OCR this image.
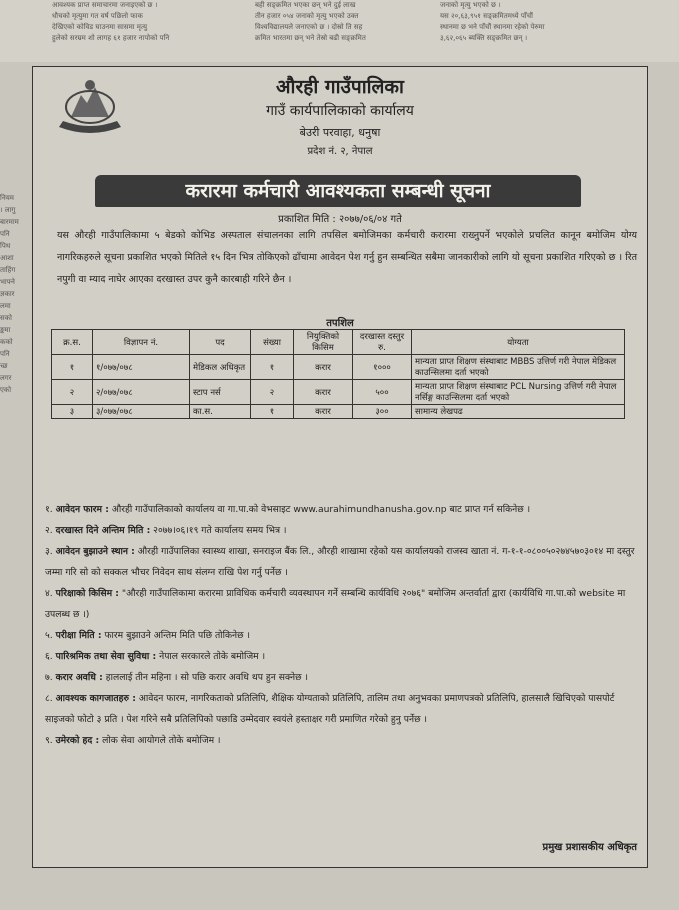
आवश्यक प्राप्त समाचारमा जनाइएको छ ।
धौचको मृत्युमा गत वर्ष पछिलो फाक
देखिएको कोविड घाउनमा सासमा मृत्यु
हुलेको सरम्रम शो लागह ६१ हजार नापोको पनि
बही सङ्क्रमित भएका छन् भने दुई लाख
तीन हजार ०५४ जनाको मृत्यु भएको उक्त
विश्वविद्यालयले जनाएको छ । दोस्रो ति सह
क्रमित भारतमा छन् भने तेस्रो बढी सङ्क्रमित
जनाको मृत्यु भएको छ ।
यस २०,६३,९५१ सङ्क्रमितमध्ये पाँचौं
स्थानमा छ भने पाँचौं स्थानमा रहेको पेरुमा
३,६२,०६५ ब्यक्ति सङ्क्रमित छन् ।
नियम
। लागु
बारमाम
पनि
पिथ
आशा
ताहिंग
भाफ्ने
ज्ञकार
लमा
सको
ङ्कमा
कको
पनि
च्छ
लगर
एको
औरही गाउँपालिका
गाउँ कार्यपालिकाको कार्यालय
बेउरी परवाहा, धनुषा
प्रदेश नं. २, नेपाल
करारमा कर्मचारी आवश्यकता सम्बन्धी सूचना
प्रकाशित मिति : २०७७/०६/०४ गते
यस औरही गाउँपालिकामा ५ बेडको कोभिड अस्पताल संचालनका लागि तपसिल बमोजिमका कर्मचारी करारमा राख्नुपर्ने भएकोले प्रचलित कानून बमोजिम योग्य नागरिकहरुले सूचना प्रकाशित भएको मितिले १५ दिन भित्र तोकिएको ढाँचामा आवेदन पेश गर्नु हुन सम्बन्धित सबैमा जानकारीको लागि यो सूचना प्रकाशित गरिएको छ । रित नपुगी वा म्याद नाघेर आएका दरखास्त उपर कुनै कारबाही गरिने छैन ।
तपशिल
क्र.स.	विज्ञापन नं.	पद	संख्या	नियुक्तिको किसिम	दरखास्त दस्तुर रु.	योग्यता
१	१/०७७/०७८	मेडिकल अधिकृत	१	करार	१०००	मान्यता प्राप्त शिक्षण संस्थाबाट MBBS उत्तिर्ण गरी नेपाल मेडिकल काउन्सिलमा दर्ता भएको
२	२/०७७/०७८	स्टाप नर्स	२	करार	५००	मान्यता प्राप्त शिक्षण संस्थाबाट PCL Nursing उत्तिर्ण गरी नेपाल नर्सिङ्ग काउन्सिलमा दर्ता भएको
३	३/०७७/०७८	का.स.	१	करार	३००	सामान्य लेखपढ

१. आवेदन फारम : औरही गाउँपालिकाको कार्यालय वा गा.पा.को वेभसाइट www.aurahimundhanusha.gov.np बाट प्राप्त गर्न सकिनेछ ।

२. दरखास्त दिने अन्तिम मिति : २०७७।०६।१९ गते कार्यालय समय भित्र ।

३. आवेदन बुझाउने स्थान : औरही गाउँपालिका स्वास्थ्य शाखा, सनराइज बैंक लि., औरही शाखामा रहेको यस कार्यालयको राजस्व खाता नं. ग-१-१-०८००५०२७४५७०३०१४ मा दस्तुर जम्मा गरि सो को सक्कल भौचर निवेदन साथ संलग्न राखि पेश गर्नु पर्नेछ ।

४. परिक्षाको किसिम : "औरही गाउँपालिकामा करारमा प्राविधिक कर्मचारी व्यवस्थापन गर्ने सम्बन्धि कार्यविधि २०७६" बमोजिम अन्तर्वार्ता द्वारा (कार्यविधि गा.पा.को website मा उपलब्ध छ ।)

५. परीक्षा मिति : फारम बुझाउने अन्तिम मिति पछि तोकिनेछ ।

६. पारिश्रमिक तथा सेवा सुविधा : नेपाल सरकारले तोके बमोजिम ।

७. करार अवधि : हाललाई तीन महिना । सो पछि करार अवधि थप हुन सक्नेछ ।

८. आवश्यक कागजातहरु : आवेदन फारम, नागरिकताको प्रतिलिपि, शैक्षिक योग्यताको प्रतिलिपि, तालिम तथा अनुभवका प्रमाणपत्रको प्रतिलिपि, हालसालै खिचिएको पासपोर्ट साइजको फोटो ३ प्रति । पेश गरिने सबै प्रतिलिपिको पछाडि उम्मेदवार स्वयंले हस्ताक्षर गरी प्रमाणित गरेको हुनु पर्नेछ ।

९. उमेरको हद : लोक सेवा आयोगले तोके बमोजिम ।

प्रमुख प्रशासकीय अधिकृत
